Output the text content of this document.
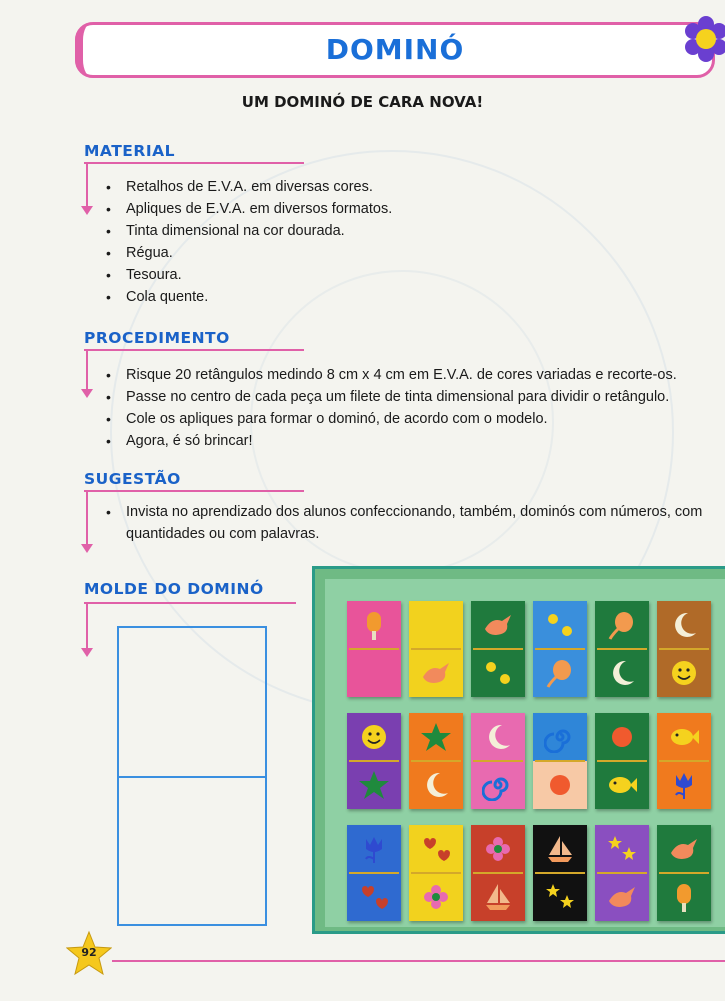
DOMINÓ
UM DOMINÓ DE CARA NOVA!
MATERIAL
• Retalhos de E.V.A. em diversas cores.
• Apliques de E.V.A. em diversos formatos.
• Tinta dimensional na cor dourada.
• Régua.
• Tesoura.
• Cola quente.
PROCEDIMENTO
• Risque 20 retângulos medindo 8 cm x 4 cm em E.V.A. de cores variadas e recorte-os.
• Passe no centro de cada peça um filete de tinta dimensional para dividir o retângulo.
• Cole os apliques para formar o dominó, de acordo com o modelo.
• Agora, é só brincar!
SUGESTÃO
• Invista no aprendizado dos alunos confeccionando, também, dominós com números, com quantidades ou com palavras.
MOLDE DO DOMINÓ
92
